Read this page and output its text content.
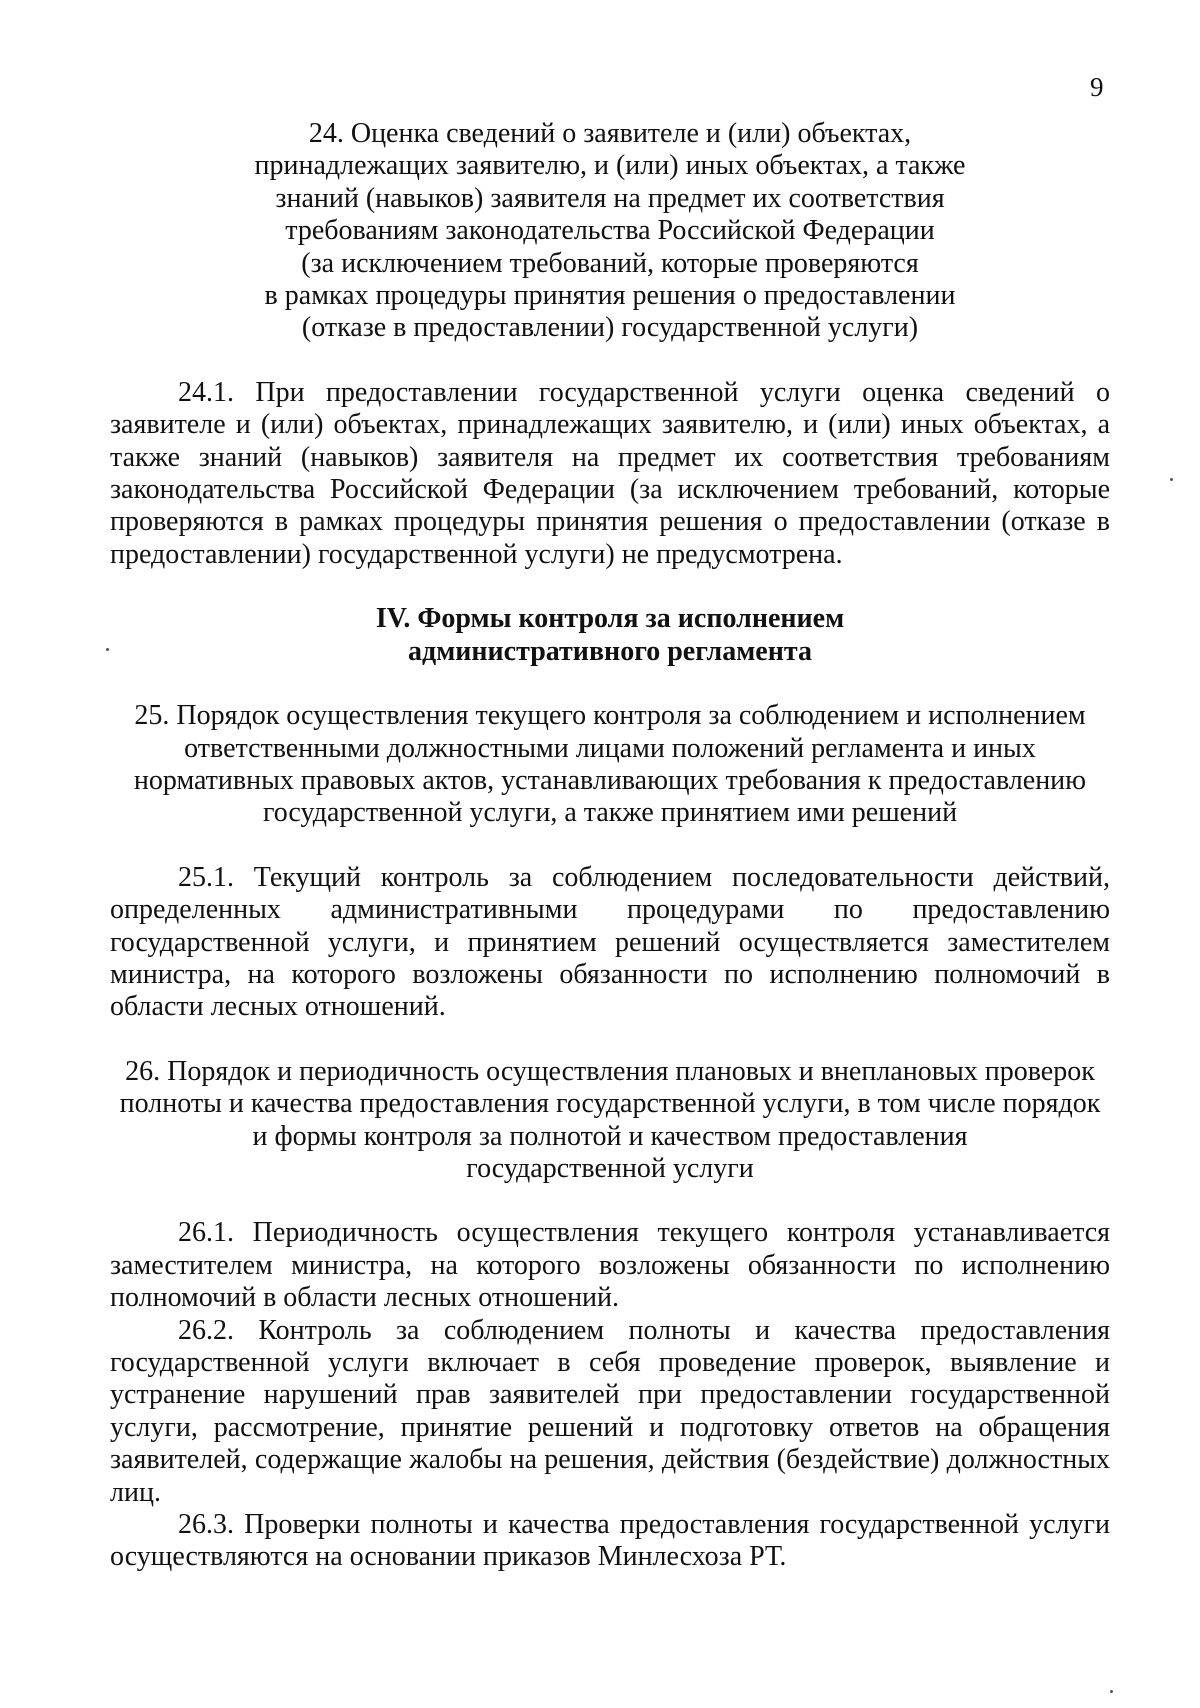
9

24. Оценка сведений о заявителе и (или) объектах,
принадлежащих заявителю, и (или) иных объектах, а также
знаний (навыков) заявителя на предмет их соответствия
требованиям законодательства Российской Федерации
(за исключением требований, которые проверяются
в рамках процедуры принятия решения о предоставлении
(отказе в предоставлении) государственной услуги)

24.1. При предоставлении государственной услуги оценка сведений о заявителе и (или) объектах, принадлежащих заявителю, и (или) иных объектах, а также знаний (навыков) заявителя на предмет их соответствия требованиям законодательства Российской Федерации (за исключением требований, которые проверяются в рамках процедуры принятия решения о предоставлении (отказе в предоставлении) государственной услуги) не предусмотрена.

IV. Формы контроля за исполнением
административного регламента

25. Порядок осуществления текущего контроля за соблюдением и исполнением
ответственными должностными лицами положений регламента и иных
нормативных правовых актов, устанавливающих требования к предоставлению
государственной услуги, а также принятием ими решений

25.1. Текущий контроль за соблюдением последовательности действий, определенных административными процедурами по предоставлению государственной услуги, и принятием решений осуществляется заместителем министра, на которого возложены обязанности по исполнению полномочий в области лесных отношений.

26. Порядок и периодичность осуществления плановых и внеплановых проверок
полноты и качества предоставления государственной услуги, в том числе порядок
и формы контроля за полнотой и качеством предоставления
государственной услуги

26.1. Периодичность осуществления текущего контроля устанавливается заместителем министра, на которого возложены обязанности по исполнению полномочий в области лесных отношений.

26.2. Контроль за соблюдением полноты и качества предоставления государственной услуги включает в себя проведение проверок, выявление и устранение нарушений прав заявителей при предоставлении государственной услуги, рассмотрение, принятие решений и подготовку ответов на обращения заявителей, содержащие жалобы на решения, действия (бездействие) должностных лиц.

26.3. Проверки полноты и качества предоставления государственной услуги осуществляются на основании приказов Минлесхоза РТ.
